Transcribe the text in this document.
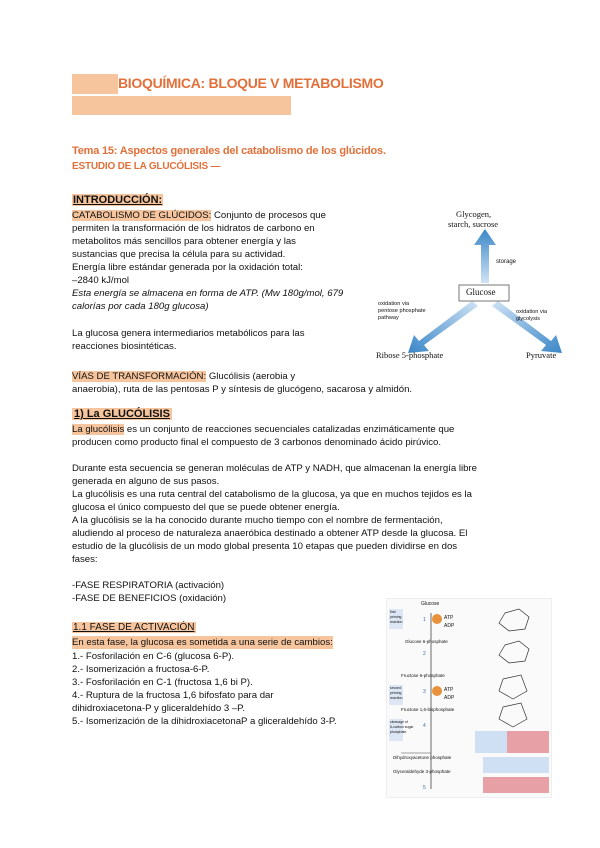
BIOQUÍMICA: BLOQUE V METABOLISMO
Tema 15: Aspectos generales del catabolismo de los glúcidos.
ESTUDIO DE LA GLUCÓLISIS —
INTRODUCCIÓN:
CATABOLISMO DE GLÚCIDOS: Conjunto de procesos que
permiten la transformación de los hidratos de carbono en
metabolitos más sencillos para obtener energía y las
sustancias que precisa la célula para su actividad.
Energía libre estándar generada por la oxidación total:
–2840 kJ/mol
Esta energía se almacena en forma de ATP. (Mw 180g/mol, 679
calorías por cada 180g glucosa)
La glucosa genera intermediarios metabólicos para las
reacciones biosintéticas.
VÍAS DE TRANSFORMACIÓN: Glucólisis (aerobia y
anaerobia), ruta de las pentosas P y síntesis de glucógeno, sacarosa y almidón.
Glycogen,
starch, sucrose
storage
Glucose
oxidation via
pentose phosphate
pathway
oxidation via
glycolysis
Ribose 5-phosphate	Pyruvate
1) La GLUCÓLISIS
La glucólisis es un conjunto de reacciones secuenciales catalizadas enzimáticamente que
producen como producto final el compuesto de 3 carbonos denominado ácido pirúvico.
Durante esta secuencia se generan moléculas de ATP y NADH, que almacenan la energía libre
generada en alguno de sus pasos.
La glucólisis es una ruta central del catabolismo de la glucosa, ya que en muchos tejidos es la
glucosa el único compuesto del que se puede obtener energía.
A la glucólisis se la ha conocido durante mucho tiempo con el nombre de fermentación,
aludiendo al proceso de naturaleza anaeróbica destinado a obtener ATP desde la glucosa. El
estudio de la glucólisis de un modo global presenta 10 etapas que pueden dividirse en dos
fases:
-FASE RESPIRATORIA (activación)
-FASE DE BENEFICIOS (oxidación)
1.1 FASE DE ACTIVACIÓN
En esta fase, la glucosa es sometida a una serie de cambios:
1.- Fosforilación en C-6 (glucosa 6-P).
2.- Isomerización a fructosa-6-P.
3.- Fosforilación en C-1 (fructosa 1,6 bi P).
4.- Ruptura de la fructosa 1,6 bifosfato para dar
dihidroxiacetona-P y gliceraldehído 3 –P.
5.- Isomerización de la dihidroxiacetonaP a gliceraldehído 3-P.
Glucose
ATP
ADP
Glucose 6-phosphate
Fructose 6-phosphate
ATP
ADP
Fructose 1,6-bisphosphate
Dihydroxyacetone phosphate
Glyceraldehyde 3-phosphate
1
2
3
4
5
first
priming
reaction
second
priming
reaction
cleavage of
6-carbon sugar
phosphate
